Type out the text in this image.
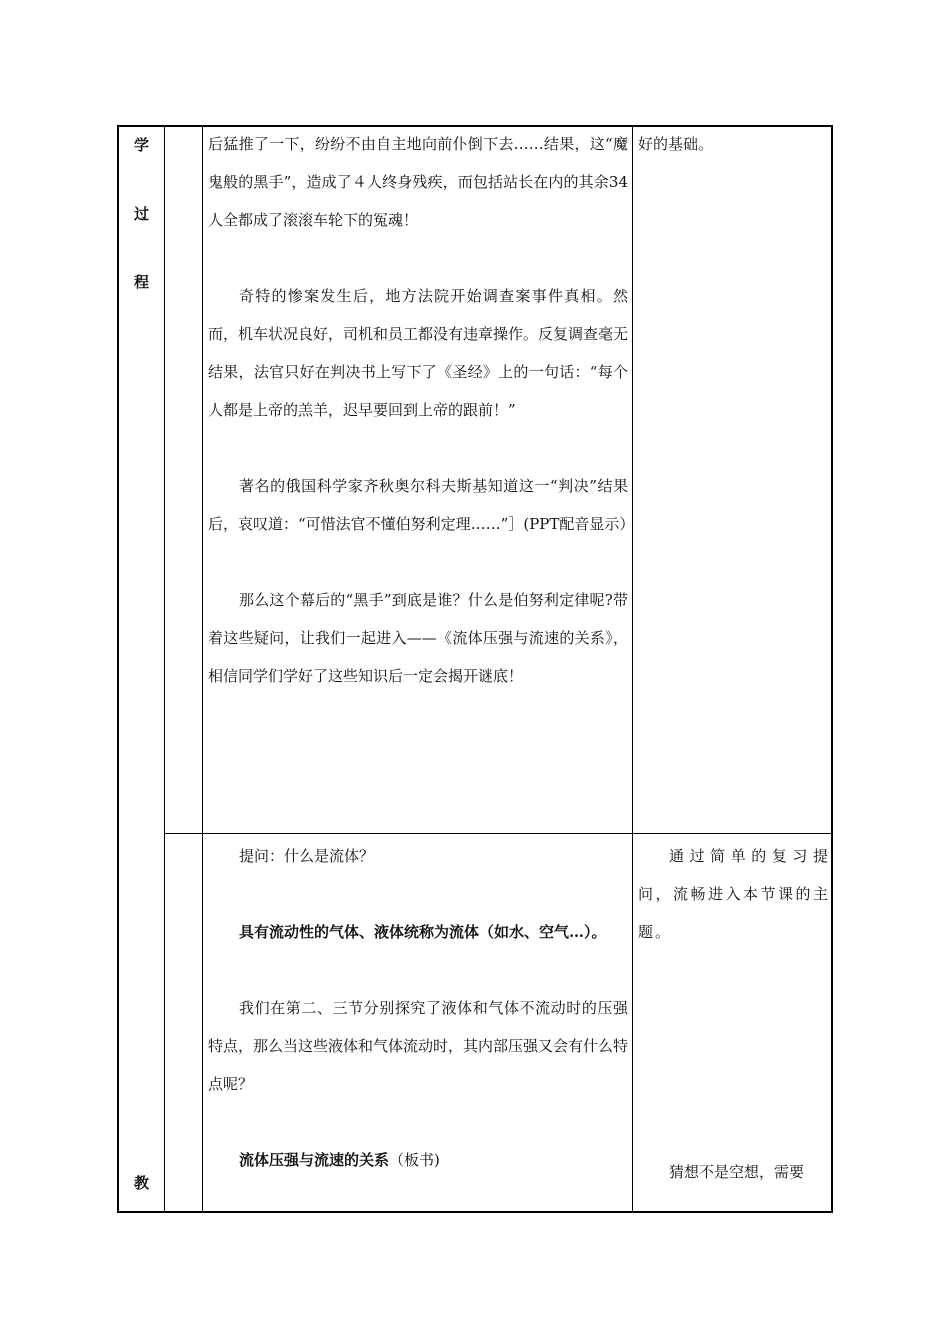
学
过
程
教

后猛推了一下，纷纷不由自主地向前仆倒下去……结果，这“魔鬼般的黑手”，造成了４人终身残疾，而包括站长在内的其余34人全都成了滚滚车轮下的冤魂！

奇特的惨案发生后，地方法院开始调查案事件真相。然而，机车状况良好，司机和员工都没有违章操作。反复调查毫无结果，法官只好在判决书上写下了《圣经》上的一句话：“每个人都是上帝的羔羊，迟早要回到上帝的跟前！”

著名的俄国科学家齐秋奥尔科夫斯基知道这一“判决”结果后，哀叹道：“可惜法官不懂伯努利定理……”］(PPT配音显示）

那么这个幕后的“黑手”到底是谁？什么是伯努利定律呢?带着这些疑问，让我们一起进入——《流体压强与流速的关系》，相信同学们学好了这些知识后一定会揭开谜底！

好的基础。

提问：什么是流体？

具有流动性的气体、液体统称为流体（如水、空气…）。

我们在第二、三节分别探究了液体和气体不流动时的压强特点，那么当这些液体和气体流动时，其内部压强又会有什么特点呢？

流体压强与流速的关系（板书)

通过简单的复习提问，流畅进入本节课的主题。

猜想不是空想，需要
